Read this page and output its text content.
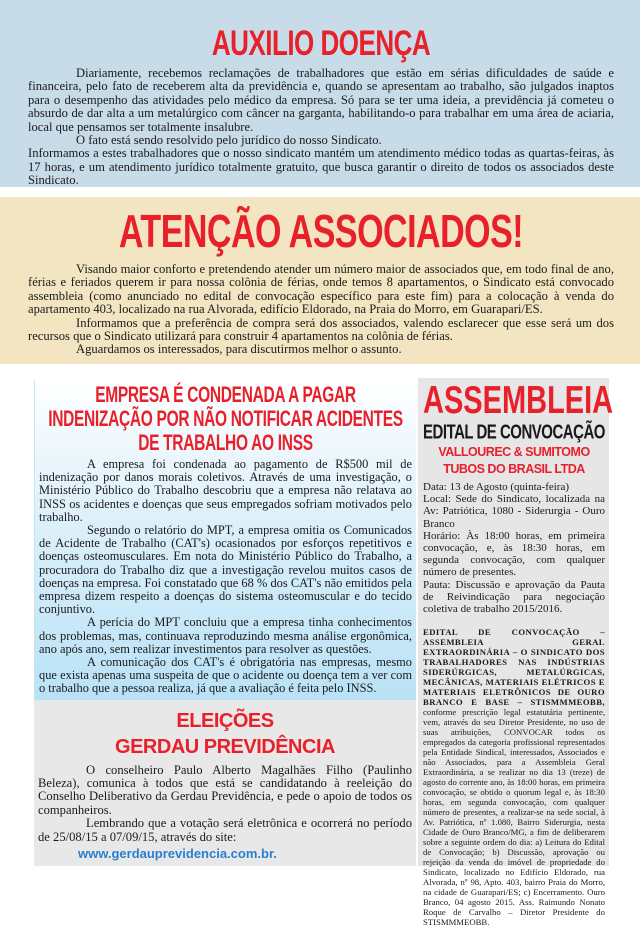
AUXILIO DOENÇA

Diariamente, recebemos reclamações de trabalhadores que estão em sérias dificuldades de saúde e financeira, pelo fato de receberem alta da previdência e, quando se apresentam ao trabalho, são julgados inaptos para o desempenho das atividades pelo médico da empresa. Só para se ter uma ideia, a previdência já cometeu o absurdo de dar alta a um metalúrgico com câncer na garganta, habilitando-o para trabalhar em uma área de aciaria, local que pensamos ser totalmente insalubre.

O fato está sendo resolvido pelo jurídico do nosso Sindicato.

Informamos a estes trabalhadores que o nosso sindicato mantém um atendimento médico todas as quartas-feiras, às 17 horas, e um atendimento jurídico totalmente gratuito, que busca garantir o direito de todos os associados deste Sindicato.

ATENÇÃO ASSOCIADOS!

Visando maior conforto e pretendendo atender um número maior de associados que, em todo final de ano, férias e feriados querem ir para nossa colônia de férias, onde temos 8 apartamentos, o Sindicato está convocado assembleia (como anunciado no edital de convocação específico para este fim) para a colocação à venda do apartamento 403, localizado na rua Alvorada, edifício Eldorado, na Praia do Morro, em Guarapari/ES.

Informamos que a preferência de compra será dos associados, valendo esclarecer que esse será um dos recursos que o Sindicato utilizará para construir 4 apartamentos na colônia de férias.

Aguardamos os interessados, para discutirmos melhor o assunto.

EMPRESA É CONDENADA A PAGAR
INDENIZAÇÃO POR NÃO NOTIFICAR ACIDENTES
DE TRABALHO AO INSS

A empresa foi condenada ao pagamento de R$500 mil de indenização por danos morais coletivos. Através de uma investigação, o Ministério Público do Trabalho descobriu que a empresa não relatava ao INSS os acidentes e doenças que seus empregados sofriam motivados pelo trabalho.

Segundo o relatório do MPT, a empresa omitia os Comunicados de Acidente de Trabalho (CAT's) ocasionados por esforços repetitivos e doenças osteomusculares. Em nota do Ministério Público do Trabalho, a procuradora do Trabalho diz que a investigação revelou muitos casos de doenças na empresa. Foi constatado que 68 % dos CAT's não emitidos pela empresa dizem respeito a doenças do sistema osteomuscular e do tecido conjuntivo.

A perícia do MPT concluiu que a empresa tinha conhecimentos dos problemas, mas, continuava reproduzindo mesma análise ergonômica, ano após ano, sem realizar investimentos para resolver as questões.

A comunicação dos CAT's é obrigatória nas empresas, mesmo que exista apenas uma suspeita de que o acidente ou doença tem a ver com o trabalho que a pessoa realiza, já que a avaliação é feita pelo INSS.

ELEIÇÕES
GERDAU PREVIDÊNCIA

O conselheiro Paulo Alberto Magalhães Filho (Paulinho Beleza), comunica à todos que está se candidatando à reeleição do Conselho Deliberativo da Gerdau Previdência, e pede o apoio de todos os companheiros.

Lembrando que a votação será eletrônica e ocorrerá no período de 25/08/15 a 07/09/15, através do site:

www.gerdauprevidencia.com.br.
ASSEMBLEIA
EDITAL DE CONVOCAÇÃO
VALLOUREC & SUMITOMO
TUBOS DO BRASIL LTDA

Data: 13 de Agosto (quinta-feira)

Local: Sede do Sindicato, localizada na Av: Patriótica, 1080 - Siderurgia - Ouro Branco

Horário: Às 18:00 horas, em primeira convocação, e, às 18:30 horas, em segunda convocação, com qualquer número de presentes.

Pauta: Discussão e aprovação da Pauta de Reivindicação para negociação coletiva de trabalho 2015/2016.

EDITAL DE CONVOCAÇÃO – ASSEMBLEIA GERAL EXTRAORDINÁRIA – O SINDICATO DOS TRABALHADORES NAS INDÚSTRIAS SIDERÚRGICAS, METALÚRGICAS, MECÂNICAS, MATERIAIS ELÉTRICOS E MATERIAIS ELETRÔNICOS DE OURO BRANCO E BASE – STISMMMEOBB, conforme prescrição legal estatutária pertinente, vem, através do seu Diretor Presidente, no uso de suas atribuições, CONVOCAR todos os empregados da categoria profissional representados pela Entidade Sindical, interessados, Associados e não Associados, para a Assembleia Geral Extraordinária, a se realizar no dia 13 (treze) de agosto do corrente ano, às 18:00 horas, em primeira convocação, se obtido o quorum legal e, às 18:30 horas, em segunda convocação, com qualquer número de presentes, a realizar-se na sede social, à Av. Patriótica, nº 1.080, Bairro Siderurgia, nesta Cidade de Ouro Branco/MG, a fim de deliberarem sobre a seguinte ordem do dia: a) Leitura do Edital de Convocação; b) Discussão, aprovação ou rejeição da venda do imóvel de propriedade do Sindicato, localizado no Edifício Eldorado, rua Alvorada, nº 98, Apto. 403, bairro Praia do Morro, na cidade de Guarapari/ES; c) Encerramento. Ouro Branco, 04 agosto 2015. Ass. Raimundo Nonato Roque de Carvalho – Diretor Presidente do STISMMMEOBB.
